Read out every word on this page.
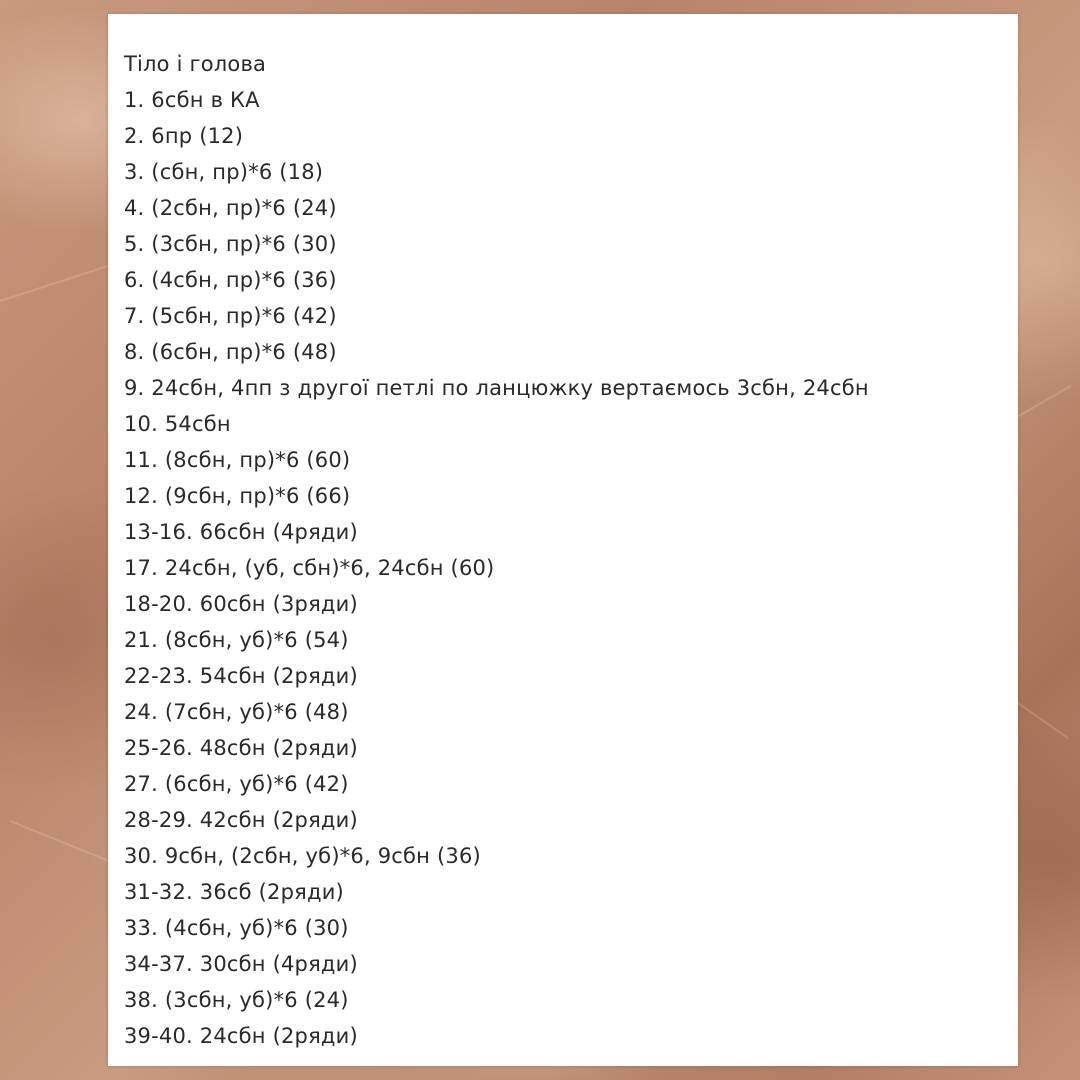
Тіло і голова
1. 6сбн в КА
2. 6пр (12)
3. (сбн, пр)*6 (18)
4. (2сбн, пр)*6 (24)
5. (3сбн, пр)*6 (30)
6. (4сбн, пр)*6 (36)
7. (5сбн, пр)*6 (42)
8. (6сбн, пр)*6 (48)
9. 24сбн, 4пп з другої петлі по ланцюжку вертаємось 3сбн, 24сбн
10. 54сбн
11. (8сбн, пр)*6 (60)
12. (9сбн, пр)*6 (66)
13-16. 66сбн (4ряди)
17. 24сбн, (уб, сбн)*6, 24сбн (60)
18-20. 60сбн (3ряди)
21. (8сбн, уб)*6 (54)
22-23. 54сбн (2ряди)
24. (7сбн, уб)*6 (48)
25-26. 48сбн (2ряди)
27. (6сбн, уб)*6 (42)
28-29. 42сбн (2ряди)
30. 9сбн, (2сбн, уб)*6, 9сбн (36)
31-32. 36сб (2ряди)
33. (4сбн, уб)*6 (30)
34-37. 30сбн (4ряди)
38. (3сбн, уб)*6 (24)
39-40. 24сбн (2ряди)
